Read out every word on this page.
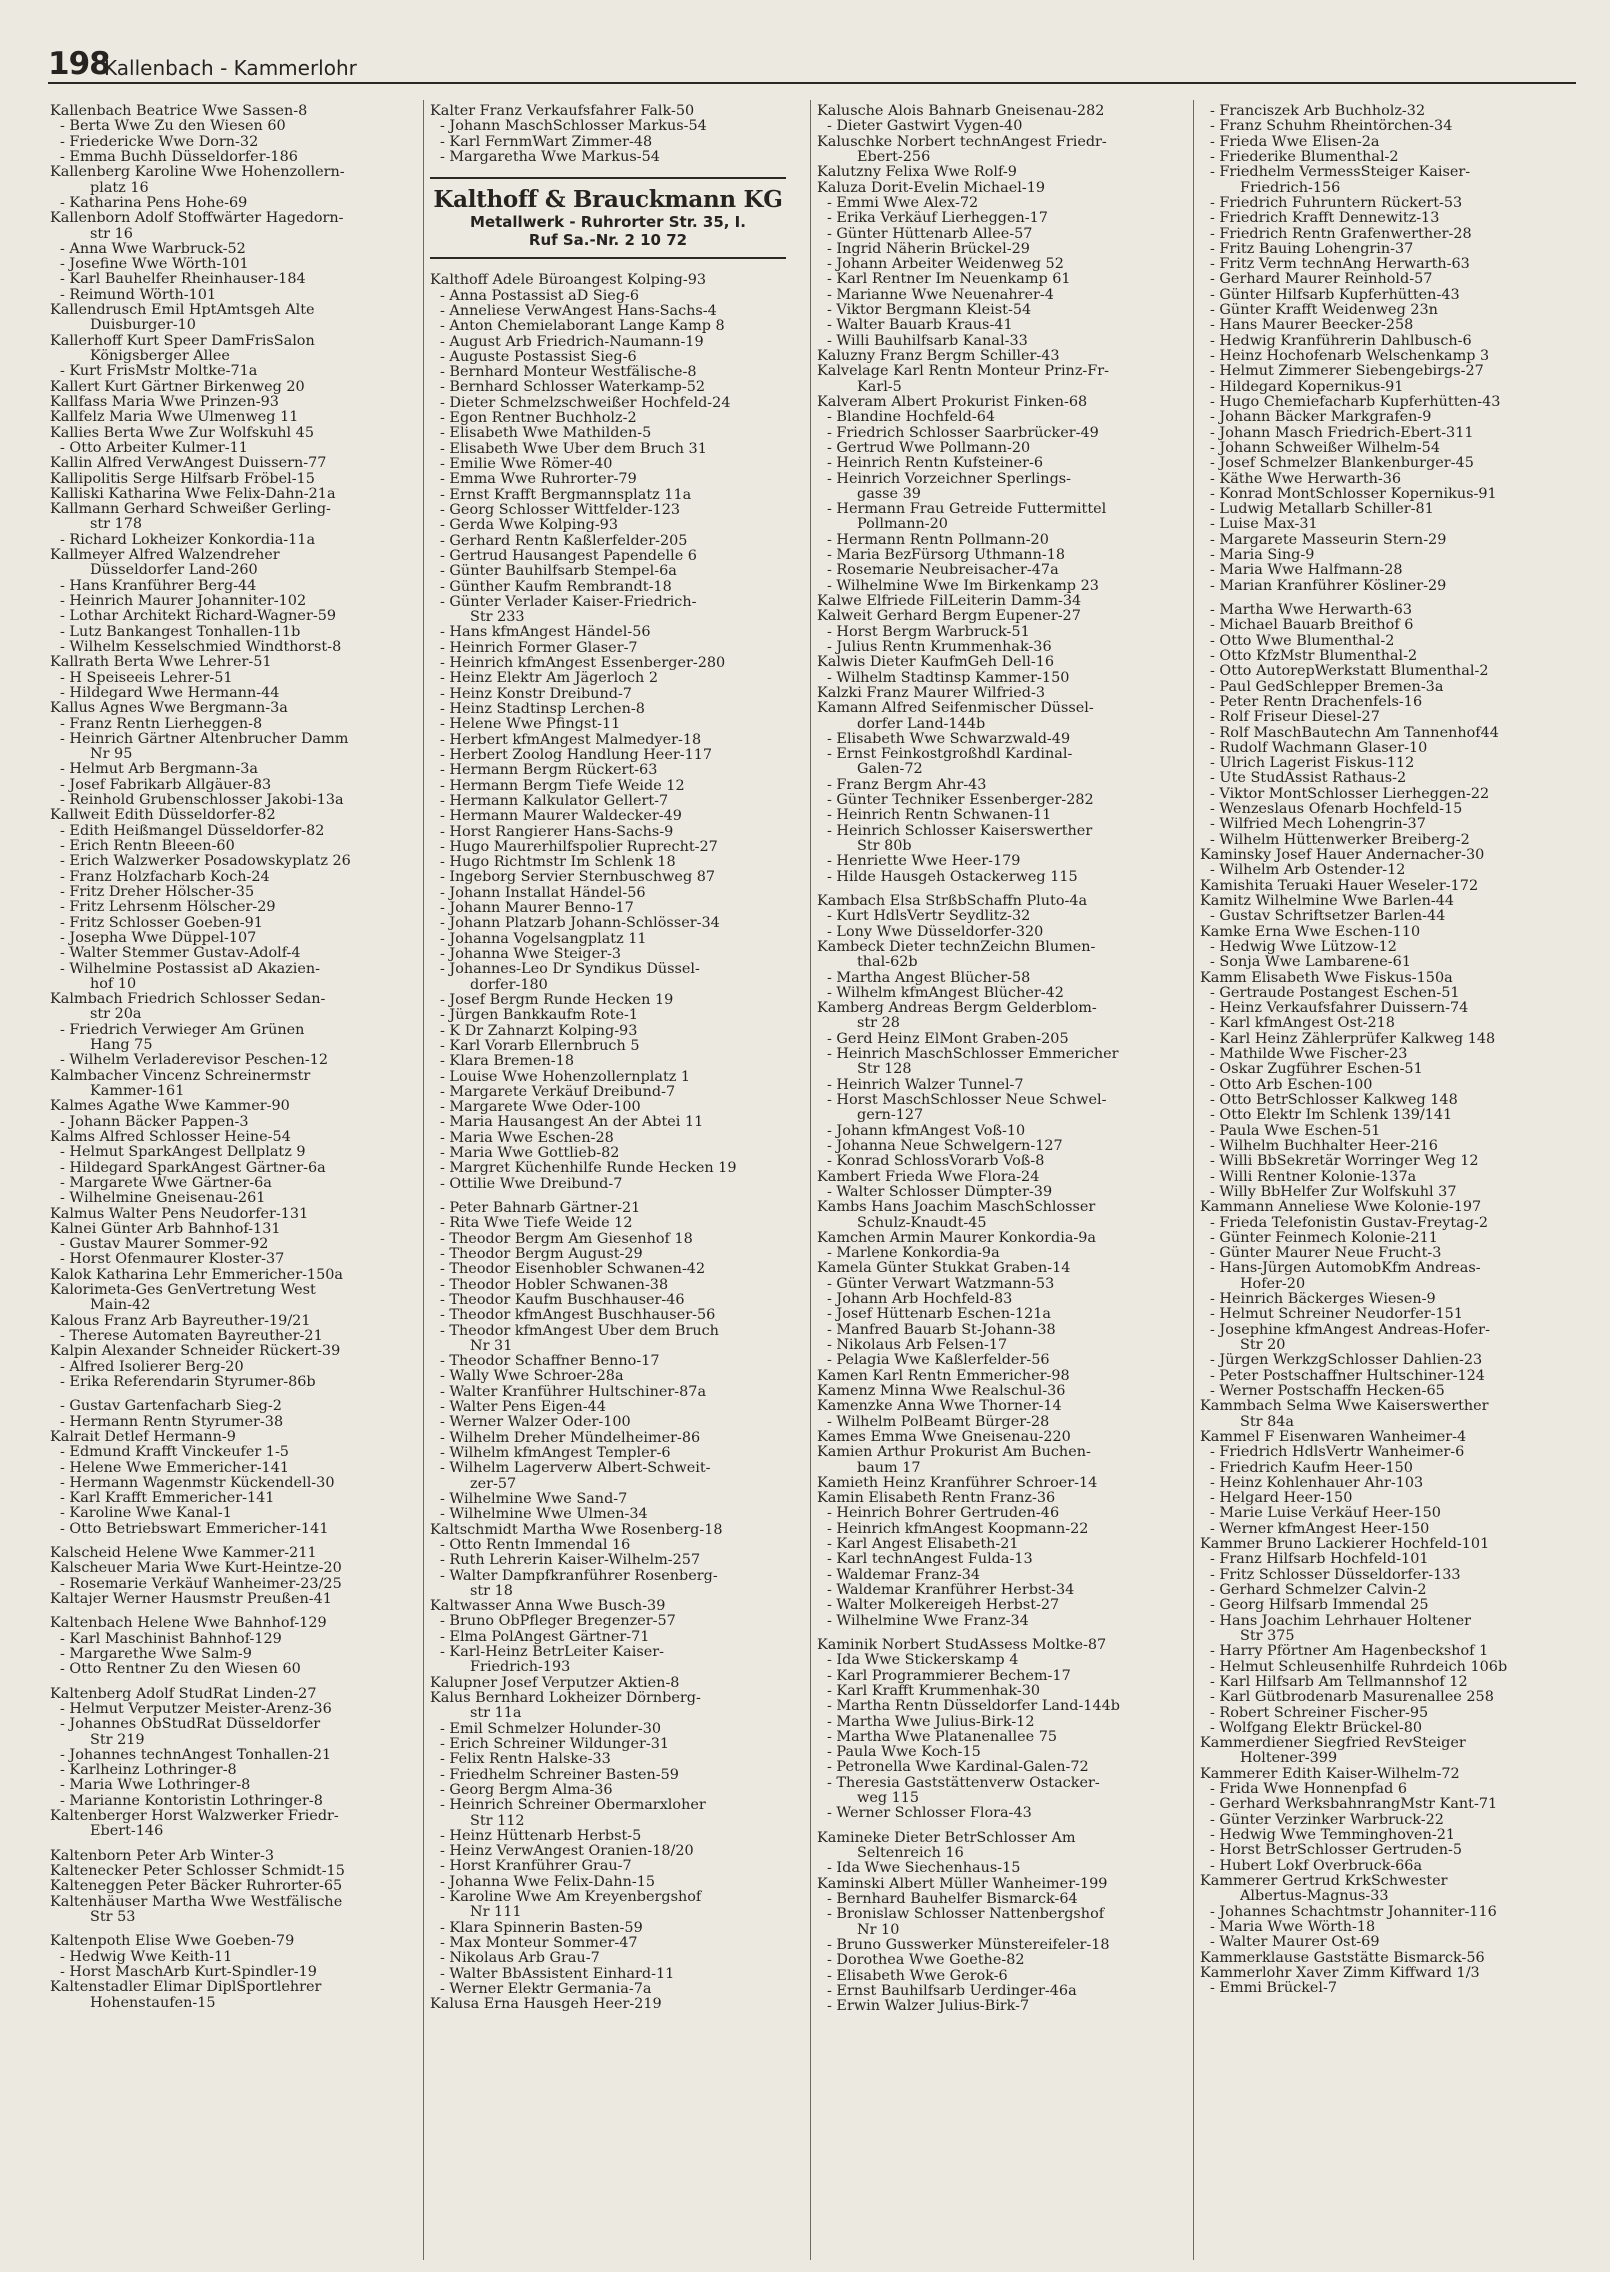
198
Kallenbach - Kammerlohr
Kallenbach Beatrice Wwe Sassen-8
- Berta Wwe Zu den Wiesen 60
- Friedericke Wwe Dorn-32
- Emma Buchh Düsseldorfer-186
Kallenberg Karoline Wwe Hohenzollern-
platz 16
- Katharina Pens Hohe-69
Kallenborn Adolf Stoffwärter Hagedorn-
str 16
- Anna Wwe Warbruck-52
- Josefine Wwe Wörth-101
- Karl Bauhelfer Rheinhauser-184
- Reimund Wörth-101
Kallendrusch Emil HptAmtsgeh Alte
Duisburger-10
Kallerhoff Kurt Speer DamFrisSalon
Königsberger Allee
- Kurt FrisMstr Moltke-71a
Kallert Kurt Gärtner Birkenweg 20
Kallfass Maria Wwe Prinzen-93
Kallfelz Maria Wwe Ulmenweg 11
Kallies Berta Wwe Zur Wolfskuhl 45
- Otto Arbeiter Kulmer-11
Kallin Alfred VerwAngest Duissern-77
Kallipolitis Serge Hilfsarb Fröbel-15
Kalliski Katharina Wwe Felix-Dahn-21a
Kallmann Gerhard Schweißer Gerling-
str 178
- Richard Lokheizer Konkordia-11a
Kallmeyer Alfred Walzendreher
Düsseldorfer Land-260
- Hans Kranführer Berg-44
- Heinrich Maurer Johanniter-102
- Lothar Architekt Richard-Wagner-59
- Lutz Bankangest Tonhallen-11b
- Wilhelm Kesselschmied Windthorst-8
Kallrath Berta Wwe Lehrer-51
- H Speiseeis Lehrer-51
- Hildegard Wwe Hermann-44
Kallus Agnes Wwe Bergmann-3a
- Franz Rentn Lierheggen-8
- Heinrich Gärtner Altenbrucher Damm
Nr 95
- Helmut Arb Bergmann-3a
- Josef Fabrikarb Allgäuer-83
- Reinhold Grubenschlosser Jakobi-13a
Kallweit Edith Düsseldorfer-82
- Edith Heißmangel Düsseldorfer-82
- Erich Rentn Bleeen-60
- Erich Walzwerker Posadowskyplatz 26
- Franz Holzfacharb Koch-24
- Fritz Dreher Hölscher-35
- Fritz Lehrsenm Hölscher-29
- Fritz Schlosser Goeben-91
- Josepha Wwe Düppel-107
- Walter Stemmer Gustav-Adolf-4
- Wilhelmine Postassist aD Akazien-
hof 10
Kalmbach Friedrich Schlosser Sedan-
str 20a
- Friedrich Verwieger Am Grünen
Hang 75
- Wilhelm Verladerevisor Peschen-12
Kalmbacher Vincenz Schreinermstr
Kammer-161
Kalmes Agathe Wwe Kammer-90
- Johann Bäcker Pappen-3
Kalms Alfred Schlosser Heine-54
- Helmut SparkAngest Dellplatz 9
- Hildegard SparkAngest Gärtner-6a
- Margarete Wwe Gärtner-6a
- Wilhelmine Gneisenau-261
Kalmus Walter Pens Neudorfer-131
Kalnei Günter Arb Bahnhof-131
- Gustav Maurer Sommer-92
- Horst Ofenmaurer Kloster-37
Kalok Katharina Lehr Emmericher-150a
Kalorimeta-Ges GenVertretung West
Main-42
Kalous Franz Arb Bayreuther-19/21
- Therese Automaten Bayreuther-21
Kalpin Alexander Schneider Rückert-39
- Alfred Isolierer Berg-20
- Erika Referendarin Styrumer-86b
- Gustav Gartenfacharb Sieg-2
- Hermann Rentn Styrumer-38
Kalrait Detlef Hermann-9
- Edmund Krafft Vinckeufer 1-5
- Helene Wwe Emmericher-141
- Hermann Wagenmstr Kückendell-30
- Karl Krafft Emmericher-141
- Karoline Wwe Kanal-1
- Otto Betriebswart Emmericher-141
Kalscheid Helene Wwe Kammer-211
Kalscheuer Maria Wwe Kurt-Heintze-20
- Rosemarie Verkäuf Wanheimer-23/25
Kaltajer Werner Hausmstr Preußen-41
Kaltenbach Helene Wwe Bahnhof-129
- Karl Maschinist Bahnhof-129
- Margarethe Wwe Salm-9
- Otto Rentner Zu den Wiesen 60
Kaltenberg Adolf StudRat Linden-27
- Helmut Verputzer Meister-Arenz-36
- Johannes ObStudRat Düsseldorfer
Str 219
- Johannes technAngest Tonhallen-21
- Karlheinz Lothringer-8
- Maria Wwe Lothringer-8
- Marianne Kontoristin Lothringer-8
Kaltenberger Horst Walzwerker Friedr-
Ebert-146
Kaltenborn Peter Arb Winter-3
Kaltenecker Peter Schlosser Schmidt-15
Kalteneggen Peter Bäcker Ruhrorter-65
Kaltenhäuser Martha Wwe Westfälische
Str 53
Kaltenpoth Elise Wwe Goeben-79
- Hedwig Wwe Keith-11
- Horst MaschArb Kurt-Spindler-19
Kaltenstadler Elimar DiplSportlehrer
Hohenstaufen-15
Kalter Franz Verkaufsfahrer Falk-50
- Johann MaschSchlosser Markus-54
- Karl FernmWart Zimmer-48
- Margaretha Wwe Markus-54
Kalthoff & Brauckmann KG
Metallwerk - Ruhrorter Str. 35, I.
Ruf Sa.-Nr. 2 10 72
Kalthoff Adele Büroangest Kolping-93
- Anna Postassist aD Sieg-6
- Anneliese VerwAngest Hans-Sachs-4
- Anton Chemielaborant Lange Kamp 8
- August Arb Friedrich-Naumann-19
- Auguste Postassist Sieg-6
- Bernhard Monteur Westfälische-8
- Bernhard Schlosser Waterkamp-52
- Dieter Schmelzschweißer Hochfeld-24
- Egon Rentner Buchholz-2
- Elisabeth Wwe Mathilden-5
- Elisabeth Wwe Über dem Bruch 31
- Emilie Wwe Römer-40
- Emma Wwe Ruhrorter-79
- Ernst Krafft Bergmannsplatz 11a
- Georg Schlosser Wittfelder-123
- Gerda Wwe Kolping-93
- Gerhard Rentn Kaßlerfelder-205
- Gertrud Hausangest Papendelle 6
- Günter Bauhilfsarb Stempel-6a
- Günther Kaufm Rembrandt-18
- Günter Verlader Kaiser-Friedrich-
Str 233
- Hans kfmAngest Händel-56
- Heinrich Former Glaser-7
- Heinrich kfmAngest Essenberger-280
- Heinz Elektr Am Jägerloch 2
- Heinz Konstr Dreibund-7
- Heinz Stadtinsp Lerchen-8
- Helene Wwe Pfingst-11
- Herbert kfmAngest Malmedyer-18
- Herbert Zoolog Handlung Heer-117
- Hermann Bergm Rückert-63
- Hermann Bergm Tiefe Weide 12
- Hermann Kalkulator Gellert-7
- Hermann Maurer Waldecker-49
- Horst Rangierer Hans-Sachs-9
- Hugo Maurerhilfspolier Ruprecht-27
- Hugo Richtmstr Im Schlenk 18
- Ingeborg Servier Sternbuschweg 87
- Johann Installat Händel-56
- Johann Maurer Benno-17
- Johann Platzarb Johann-Schlösser-34
- Johanna Vogelsangplatz 11
- Johanna Wwe Steiger-3
- Johannes-Leo Dr Syndikus Düssel-
dorfer-180
- Josef Bergm Runde Hecken 19
- Jürgen Bankkaufm Rote-1
- K Dr Zahnarzt Kolping-93
- Karl Vorarb Ellernbruch 5
- Klara Bremen-18
- Louise Wwe Hohenzollernplatz 1
- Margarete Verkäuf Dreibund-7
- Margarete Wwe Oder-100
- Maria Hausangest An der Abtei 11
- Maria Wwe Eschen-28
- Maria Wwe Gottlieb-82
- Margret Küchenhilfe Runde Hecken 19
- Ottilie Wwe Dreibund-7
- Peter Bahnarb Gärtner-21
- Rita Wwe Tiefe Weide 12
- Theodor Bergm Am Giesenhof 18
- Theodor Bergm August-29
- Theodor Eisenhobler Schwanen-42
- Theodor Hobler Schwanen-38
- Theodor Kaufm Buschhauser-46
- Theodor kfmAngest Buschhauser-56
- Theodor kfmAngest Über dem Bruch
Nr 31
- Theodor Schaffner Benno-17
- Wally Wwe Schroer-28a
- Walter Kranführer Hultschiner-87a
- Walter Pens Eigen-44
- Werner Walzer Oder-100
- Wilhelm Dreher Mündelheimer-86
- Wilhelm kfmAngest Templer-6
- Wilhelm Lagerverw Albert-Schweit-
zer-57
- Wilhelmine Wwe Sand-7
- Wilhelmine Wwe Ulmen-34
Kaltschmidt Martha Wwe Rosenberg-18
- Otto Rentn Immendal 16
- Ruth Lehrerin Kaiser-Wilhelm-257
- Walter Dampfkranführer Rosenberg-
str 18
Kaltwasser Anna Wwe Busch-39
- Bruno ObPfleger Bregenzer-57
- Elma PolAngest Gärtner-71
- Karl-Heinz BetrLeiter Kaiser-
Friedrich-193
Kalupner Josef Verputzer Aktien-8
Kalus Bernhard Lokheizer Dörnberg-
str 11a
- Emil Schmelzer Holunder-30
- Erich Schreiner Wildunger-31
- Felix Rentn Halske-33
- Friedhelm Schreiner Basten-59
- Georg Bergm Alma-36
- Heinrich Schreiner Obermarxloher
Str 112
- Heinz Hüttenarb Herbst-5
- Heinz VerwAngest Oranien-18/20
- Horst Kranführer Grau-7
- Johanna Wwe Felix-Dahn-15
- Karoline Wwe Am Kreyenbergshof
Nr 111
- Klara Spinnerin Basten-59
- Max Monteur Sommer-47
- Nikolaus Arb Grau-7
- Walter BbAssistent Einhard-11
- Werner Elektr Germania-7a
Kalusa Erna Hausgeh Heer-219
Kalusche Alois Bahnarb Gneisenau-282
- Dieter Gastwirt Vygen-40
Kaluschke Norbert technAngest Friedr-
Ebert-256
Kalutzny Felixa Wwe Rolf-9
Kaluza Dorit-Evelin Michael-19
- Emmi Wwe Alex-72
- Erika Verkäuf Lierheggen-17
- Günter Hüttenarb Allee-57
- Ingrid Näherin Brückel-29
- Johann Arbeiter Weidenweg 52
- Karl Rentner Im Neuenkamp 61
- Marianne Wwe Neuenahrer-4
- Viktor Bergmann Kleist-54
- Walter Bauarb Kraus-41
- Willi Bauhilfsarb Kanal-33
Kaluzny Franz Bergm Schiller-43
Kalvelage Karl Rentn Monteur Prinz-Fr-
Karl-5
Kalveram Albert Prokurist Finken-68
- Blandine Hochfeld-64
- Friedrich Schlosser Saarbrücker-49
- Gertrud Wwe Pollmann-20
- Heinrich Rentn Kufsteiner-6
- Heinrich Vorzeichner Sperlings-
gasse 39
- Hermann Frau Getreide Futtermittel
Pollmann-20
- Hermann Rentn Pollmann-20
- Maria BezFürsorg Uthmann-18
- Rosemarie Neubreisacher-47a
- Wilhelmine Wwe Im Birkenkamp 23
Kalwe Elfriede FilLeiterin Damm-34
Kalweit Gerhard Bergm Eupener-27
- Horst Bergm Warbruck-51
- Julius Rentn Krummenhak-36
Kalwis Dieter KaufmGeh Dell-16
- Wilhelm Stadtinsp Kammer-150
Kalzki Franz Maurer Wilfried-3
Kamann Alfred Seifenmischer Düssel-
dorfer Land-144b
- Elisabeth Wwe Schwarzwald-49
- Ernst Feinkostgroßhdl Kardinal-
Galen-72
- Franz Bergm Ahr-43
- Günter Techniker Essenberger-282
- Heinrich Rentn Schwanen-11
- Heinrich Schlosser Kaiserswerther
Str 80b
- Henriette Wwe Heer-179
- Hilde Hausgeh Ostackerweg 115
Kambach Elsa StrßbSchaffn Pluto-4a
- Kurt HdlsVertr Seydlitz-32
- Lony Wwe Düsseldorfer-320
Kambeck Dieter technZeichn Blumen-
thal-62b
- Martha Angest Blücher-58
- Wilhelm kfmAngest Blücher-42
Kamberg Andreas Bergm Gelderblom-
str 28
- Gerd Heinz ElMont Graben-205
- Heinrich MaschSchlosser Emmericher
Str 128
- Heinrich Walzer Tunnel-7
- Horst MaschSchlosser Neue Schwel-
gern-127
- Johann kfmAngest Voß-10
- Johanna Neue Schwelgern-127
- Konrad SchlossVorarb Voß-8
Kambert Frieda Wwe Flora-24
- Walter Schlosser Dümpter-39
Kambs Hans Joachim MaschSchlosser
Schulz-Knaudt-45
Kamchen Armin Maurer Konkordia-9a
- Marlene Konkordia-9a
Kamela Günter Stukkat Graben-14
- Günter Verwart Watzmann-53
- Johann Arb Hochfeld-83
- Josef Hüttenarb Eschen-121a
- Manfred Bauarb St-Johann-38
- Nikolaus Arb Felsen-17
- Pelagia Wwe Kaßlerfelder-56
Kamen Karl Rentn Emmericher-98
Kamenz Minna Wwe Realschul-36
Kamenzke Anna Wwe Thorner-14
- Wilhelm PolBeamt Bürger-28
Kames Emma Wwe Gneisenau-220
Kamien Arthur Prokurist Am Buchen-
baum 17
Kamieth Heinz Kranführer Schroer-14
Kamin Elisabeth Rentn Franz-36
- Heinrich Bohrer Gertruden-46
- Heinrich kfmAngest Koopmann-22
- Karl Angest Elisabeth-21
- Karl technAngest Fulda-13
- Waldemar Franz-34
- Waldemar Kranführer Herbst-34
- Walter Molkereigeh Herbst-27
- Wilhelmine Wwe Franz-34
Kaminik Norbert StudAssess Moltke-87
- Ida Wwe Stickerskamp 4
- Karl Programmierer Bechem-17
- Karl Krafft Krummenhak-30
- Martha Rentn Düsseldorfer Land-144b
- Martha Wwe Julius-Birk-12
- Martha Wwe Platanenallee 75
- Paula Wwe Koch-15
- Petronella Wwe Kardinal-Galen-72
- Theresia Gaststättenverw Ostacker-
weg 115
- Werner Schlosser Flora-43
Kamineke Dieter BetrSchlosser Am
Seltenreich 16
- Ida Wwe Siechenhaus-15
Kaminski Albert Müller Wanheimer-199
- Bernhard Bauhelfer Bismarck-64
- Bronislaw Schlosser Nattenbergshof
Nr 10
- Bruno Gusswerker Münstereifeler-18
- Dorothea Wwe Goethe-82
- Elisabeth Wwe Gerok-6
- Ernst Bauhilfsarb Uerdinger-46a
- Erwin Walzer Julius-Birk-7
- Franciszek Arb Buchholz-32
- Franz Schuhm Rheintörchen-34
- Frieda Wwe Elisen-2a
- Friederike Blumenthal-2
- Friedhelm VermessSteiger Kaiser-
Friedrich-156
- Friedrich Fuhruntern Rückert-53
- Friedrich Krafft Dennewitz-13
- Friedrich Rentn Grafenwerther-28
- Fritz Bauing Lohengrin-37
- Fritz Verm technAng Herwarth-63
- Gerhard Maurer Reinhold-57
- Günter Hilfsarb Kupferhütten-43
- Günter Krafft Weidenweg 23n
- Hans Maurer Beecker-258
- Hedwig Kranführerin Dahlbusch-6
- Heinz Hochofenarb Welschenkamp 3
- Helmut Zimmerer Siebengebirgs-27
- Hildegard Kopernikus-91
- Hugo Chemiefacharb Kupferhütten-43
- Johann Bäcker Markgrafen-9
- Johann Masch Friedrich-Ebert-311
- Johann Schweißer Wilhelm-54
- Josef Schmelzer Blankenburger-45
- Käthe Wwe Herwarth-36
- Konrad MontSchlosser Kopernikus-91
- Ludwig Metallarb Schiller-81
- Luise Max-31
- Margarete Masseurin Stern-29
- Maria Sing-9
- Maria Wwe Halfmann-28
- Marian Kranführer Kösliner-29
- Martha Wwe Herwarth-63
- Michael Bauarb Breithof 6
- Otto Wwe Blumenthal-2
- Otto KfzMstr Blumenthal-2
- Otto AutorepWerkstatt Blumenthal-2
- Paul GedSchlepper Bremen-3a
- Peter Rentn Drachenfels-16
- Rolf Friseur Diesel-27
- Rolf MaschBautechn Am Tannenhof44
- Rudolf Wachmann Glaser-10
- Ulrich Lagerist Fiskus-112
- Ute StudAssist Rathaus-2
- Viktor MontSchlosser Lierheggen-22
- Wenzeslaus Ofenarb Hochfeld-15
- Wilfried Mech Lohengrin-37
- Wilhelm Hüttenwerker Breiberg-2
Kaminsky Josef Hauer Andernacher-30
- Wilhelm Arb Ostender-12
Kamishita Teruaki Hauer Weseler-172
Kamitz Wilhelmine Wwe Barlen-44
- Gustav Schriftsetzer Barlen-44
Kamke Erna Wwe Eschen-110
- Hedwig Wwe Lützow-12
- Sonja Wwe Lambarene-61
Kamm Elisabeth Wwe Fiskus-150a
- Gertraude Postangest Eschen-51
- Heinz Verkaufsfahrer Duissern-74
- Karl kfmAngest Ost-218
- Karl Heinz Zählerprüfer Kalkweg 148
- Mathilde Wwe Fischer-23
- Oskar Zugführer Eschen-51
- Otto Arb Eschen-100
- Otto BetrSchlosser Kalkweg 148
- Otto Elektr Im Schlenk 139/141
- Paula Wwe Eschen-51
- Wilhelm Buchhalter Heer-216
- Willi BbSekretär Worringer Weg 12
- Willi Rentner Kolonie-137a
- Willy BbHelfer Zur Wolfskuhl 37
Kammann Anneliese Wwe Kolonie-197
- Frieda Telefonistin Gustav-Freytag-2
- Günter Feinmech Kolonie-211
- Günter Maurer Neue Frucht-3
- Hans-Jürgen AutomobKfm Andreas-
Hofer-20
- Heinrich Bäckerges Wiesen-9
- Helmut Schreiner Neudorfer-151
- Josephine kfmAngest Andreas-Hofer-
Str 20
- Jürgen WerkzgSchlosser Dahlien-23
- Peter Postschaffner Hultschiner-124
- Werner Postschaffn Hecken-65
Kammbach Selma Wwe Kaiserswerther
Str 84a
Kammel F Eisenwaren Wanheimer-4
- Friedrich HdlsVertr Wanheimer-6
- Friedrich Kaufm Heer-150
- Heinz Kohlenhauer Ahr-103
- Helgard Heer-150
- Marie Luise Verkäuf Heer-150
- Werner kfmAngest Heer-150
Kammer Bruno Lackierer Hochfeld-101
- Franz Hilfsarb Hochfeld-101
- Fritz Schlosser Düsseldorfer-133
- Gerhard Schmelzer Calvin-2
- Georg Hilfsarb Immendal 25
- Hans Joachim Lehrhauer Holtener
Str 375
- Harry Pförtner Am Hagenbeckshof 1
- Helmut Schleusenhilfe Ruhrdeich 106b
- Karl Hilfsarb Am Tellmannshof 12
- Karl Gütbrodenarb Masurenallee 258
- Robert Schreiner Fischer-95
- Wolfgang Elektr Brückel-80
Kammerdiener Siegfried RevSteiger
Holtener-399
Kammerer Edith Kaiser-Wilhelm-72
- Frida Wwe Honnenpfad 6
- Gerhard WerksbahnrangMstr Kant-71
- Günter Verzinker Warbruck-22
- Hedwig Wwe Temminghoven-21
- Horst BetrSchlosser Gertruden-5
- Hubert Lokf Overbruck-66a
Kammerer Gertrud KrkSchwester
Albertus-Magnus-33
- Johannes Schachtmstr Johanniter-116
- Maria Wwe Wörth-18
- Walter Maurer Ost-69
Kammerklause Gaststätte Bismarck-56
Kammerlohr Xaver Zimm Kiffward 1/3
- Emmi Brückel-7
